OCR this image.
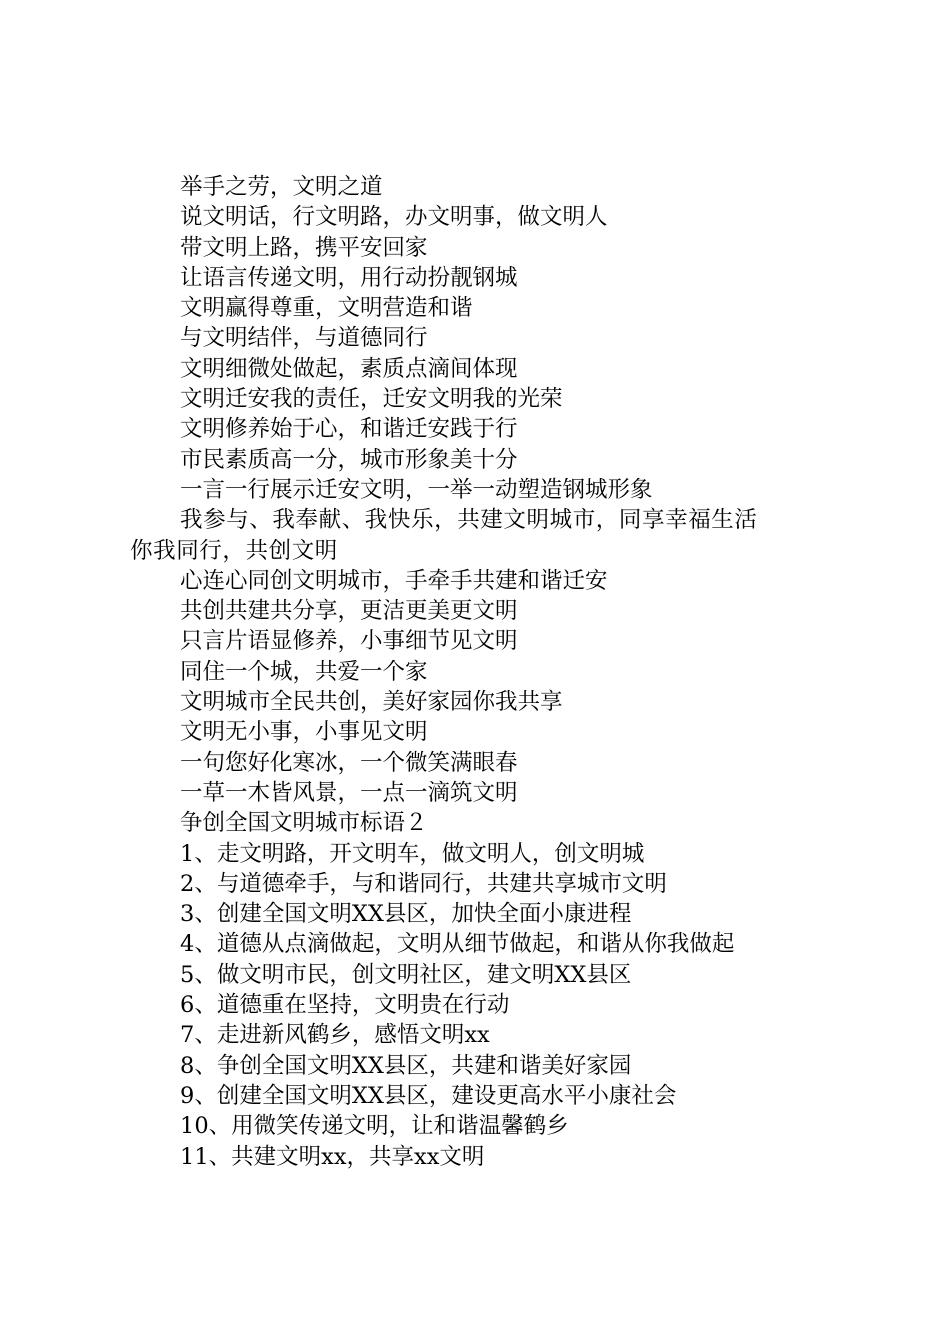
举手之劳，文明之道

说文明话，行文明路，办文明事，做文明人

带文明上路，携平安回家

让语言传递文明，用行动扮靓钢城

文明赢得尊重，文明营造和谐

与文明结伴，与道德同行

文明细微处做起，素质点滴间体现

文明迁安我的责任，迁安文明我的光荣

文明修养始于心，和谐迁安践于行

市民素质高一分，城市形象美十分

一言一行展示迁安文明，一举一动塑造钢城形象

我参与、我奉献、我快乐，共建文明城市，同享幸福生活
你我同行，共创文明

心连心同创文明城市，手牵手共建和谐迁安

共创共建共分享，更洁更美更文明

只言片语显修养，小事细节见文明

同住一个城，共爱一个家

文明城市全民共创，美好家园你我共享

文明无小事，小事见文明

一句您好化寒冰，一个微笑满眼春

一草一木皆风景，一点一滴筑文明

争创全国文明城市标语２

1、走文明路，开文明车，做文明人，创文明城

2、与道德牵手，与和谐同行，共建共享城市文明

3、创建全国文明XX县区，加快全面小康进程

4、道德从点滴做起，文明从细节做起，和谐从你我做起

5、做文明市民，创文明社区，建文明XX县区

6、道德重在坚持，文明贵在行动

7、走进新风鹤乡，感悟文明xx

8、争创全国文明XX县区，共建和谐美好家园

9、创建全国文明XX县区，建设更高水平小康社会

10、用微笑传递文明，让和谐温馨鹤乡

11、共建文明xx，共享xx文明
